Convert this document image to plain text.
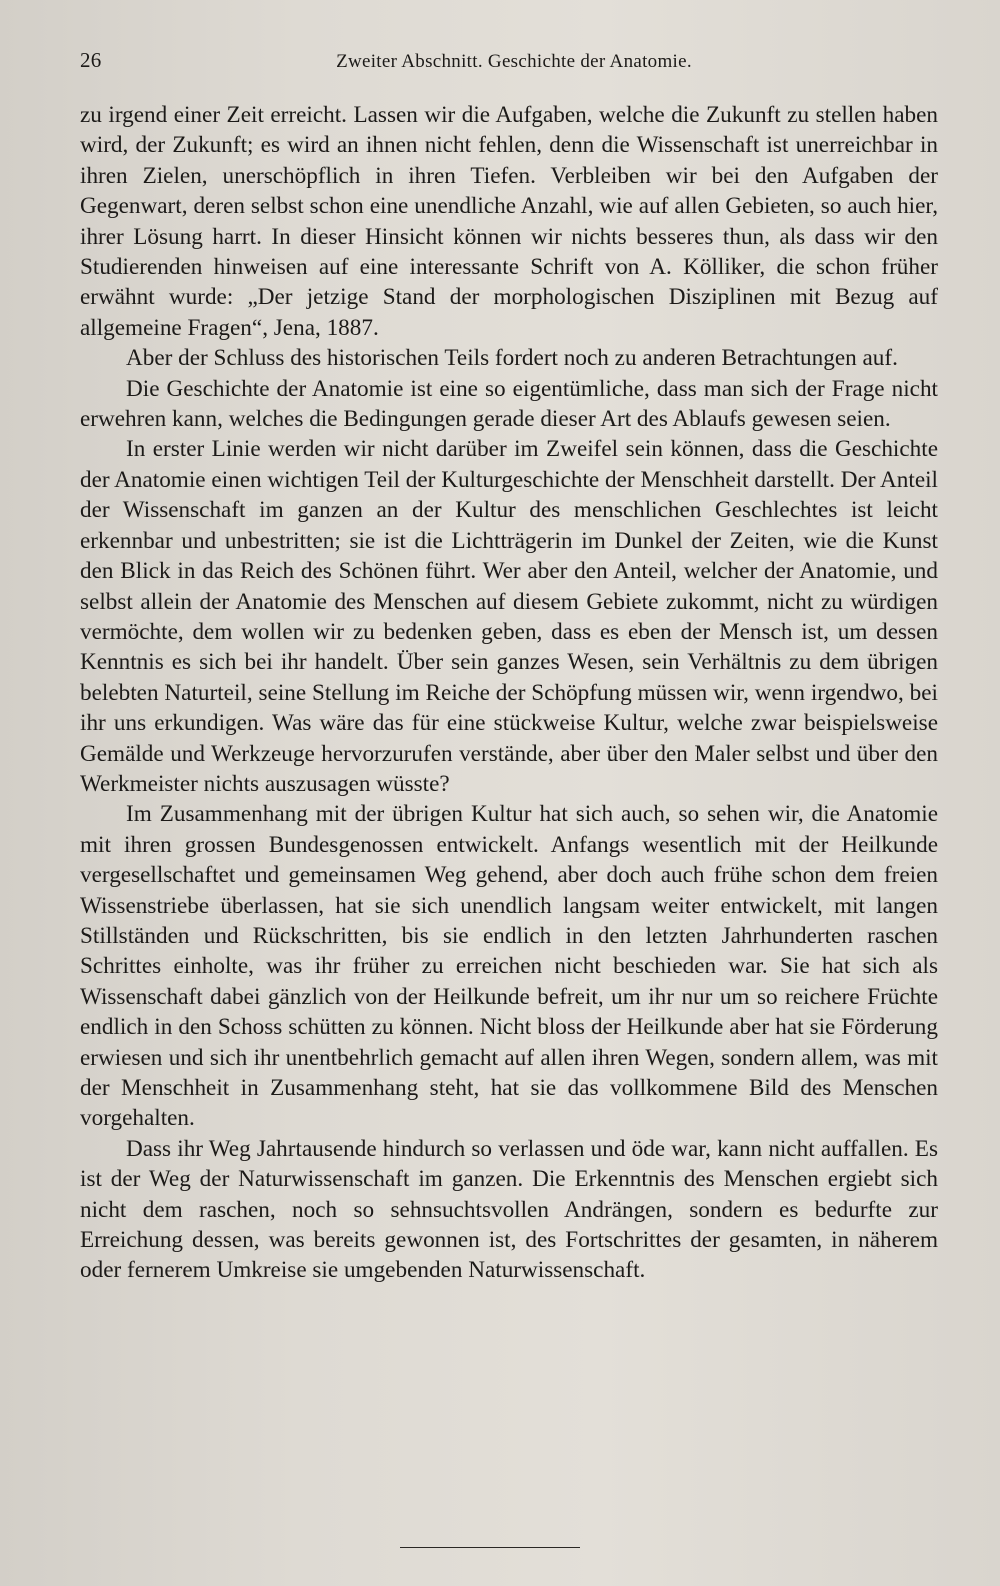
26	Zweiter Abschnitt. Geschichte der Anatomie.

zu irgend einer Zeit erreicht. Lassen wir die Aufgaben, welche die Zukunft zu stellen haben wird, der Zukunft; es wird an ihnen nicht fehlen, denn die Wissenschaft ist unerreichbar in ihren Zielen, unerschöpflich in ihren Tiefen. Verbleiben wir bei den Aufgaben der Gegenwart, deren selbst schon eine unendliche Anzahl, wie auf allen Gebieten, so auch hier, ihrer Lösung harrt. In dieser Hinsicht können wir nichts besseres thun, als dass wir den Studierenden hinweisen auf eine interessante Schrift von A. Kölliker, die schon früher erwähnt wurde: „Der jetzige Stand der morphologischen Disziplinen mit Bezug auf allgemeine Fragen“, Jena, 1887.

Aber der Schluss des historischen Teils fordert noch zu anderen Betrachtungen auf.

Die Geschichte der Anatomie ist eine so eigentümliche, dass man sich der Frage nicht erwehren kann, welches die Bedingungen gerade dieser Art des Ablaufs gewesen seien.

In erster Linie werden wir nicht darüber im Zweifel sein können, dass die Geschichte der Anatomie einen wichtigen Teil der Kulturgeschichte der Menschheit darstellt. Der Anteil der Wissenschaft im ganzen an der Kultur des menschlichen Geschlechtes ist leicht erkennbar und unbestritten; sie ist die Lichtträgerin im Dunkel der Zeiten, wie die Kunst den Blick in das Reich des Schönen führt. Wer aber den Anteil, welcher der Anatomie, und selbst allein der Anatomie des Menschen auf diesem Gebiete zukommt, nicht zu würdigen vermöchte, dem wollen wir zu bedenken geben, dass es eben der Mensch ist, um dessen Kenntnis es sich bei ihr handelt. Über sein ganzes Wesen, sein Verhältnis zu dem übrigen belebten Naturteil, seine Stellung im Reiche der Schöpfung müssen wir, wenn irgendwo, bei ihr uns erkundigen. Was wäre das für eine stückweise Kultur, welche zwar beispielsweise Gemälde und Werkzeuge hervorzurufen verstände, aber über den Maler selbst und über den Werkmeister nichts auszusagen wüsste?

Im Zusammenhang mit der übrigen Kultur hat sich auch, so sehen wir, die Anatomie mit ihren grossen Bundesgenossen entwickelt. Anfangs wesentlich mit der Heilkunde vergesellschaftet und gemeinsamen Weg gehend, aber doch auch frühe schon dem freien Wissenstriebe überlassen, hat sie sich unendlich langsam weiter entwickelt, mit langen Stillständen und Rückschritten, bis sie endlich in den letzten Jahrhunderten raschen Schrittes einholte, was ihr früher zu erreichen nicht beschieden war. Sie hat sich als Wissenschaft dabei gänzlich von der Heilkunde befreit, um ihr nur um so reichere Früchte endlich in den Schoss schütten zu können. Nicht bloss der Heilkunde aber hat sie Förderung erwiesen und sich ihr unentbehrlich gemacht auf allen ihren Wegen, sondern allem, was mit der Menschheit in Zusammenhang steht, hat sie das vollkommene Bild des Menschen vorgehalten.

Dass ihr Weg Jahrtausende hindurch so verlassen und öde war, kann nicht auffallen. Es ist der Weg der Naturwissenschaft im ganzen. Die Erkenntnis des Menschen ergiebt sich nicht dem raschen, noch so sehnsuchtsvollen Andrängen, sondern es bedurfte zur Erreichung dessen, was bereits gewonnen ist, des Fortschrittes der gesamten, in näherem oder fernerem Umkreise sie umgebenden Naturwissenschaft.
